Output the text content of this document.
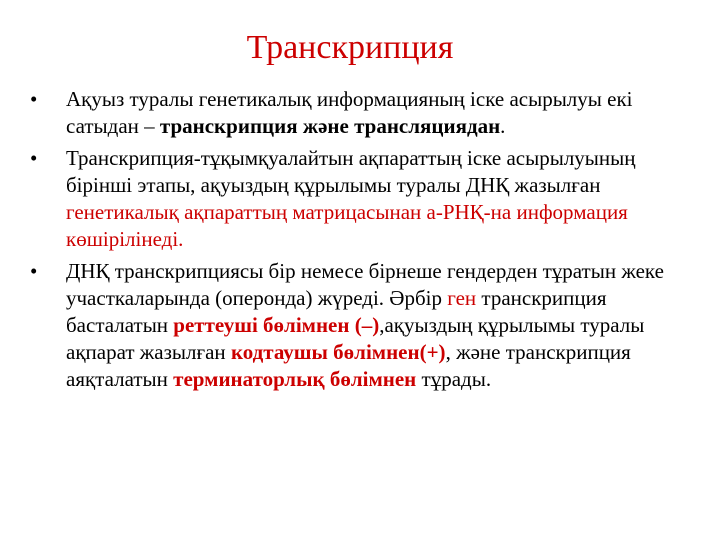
Транскрипция
•	Ақуыз туралы генетикалық информацияның іске асырылуы екі сатыдан – транскрипция және трансляциядан.
•	Транскрипция-тұқымқуалайтын ақпараттың іске асырылуының бірінші этапы, ақуыздың құрылымы туралы ДНҚ жазылған генетикалық ақпараттың матрицасынан а-РНҚ-на информация көшірілінеді.
•	ДНҚ транскрипциясы бір немесе бірнеше гендерден тұратын жеке участкаларында (оперонда) жүреді. Әрбір ген транскрипция басталатын реттеуші бөлімнен (–),ақуыздың құрылымы туралы ақпарат жазылған кодтаушы бөлімнен(+), және транскрипция аяқталатын терминаторлық бөлімнен тұрады.
